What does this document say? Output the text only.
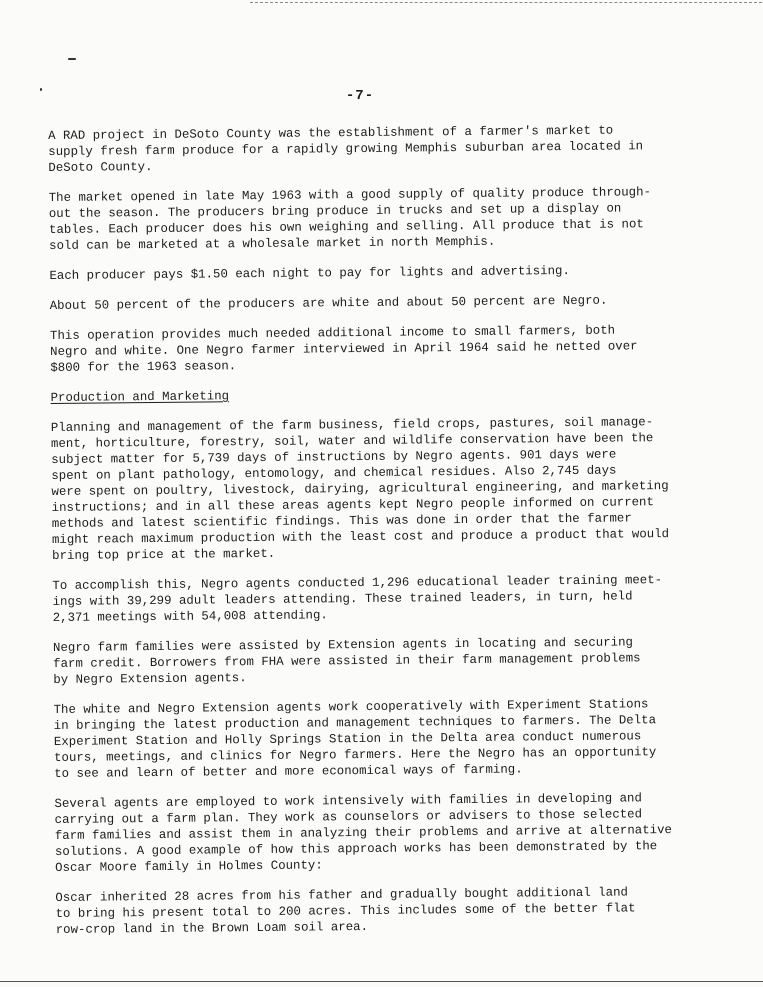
-7-

A RAD project in DeSoto County was the establishment of a farmer's market to
supply fresh farm produce for a rapidly growing Memphis suburban area located in
DeSoto County.

The market opened in late May 1963 with a good supply of quality produce through-
out the season. The producers bring produce in trucks and set up a display on
tables. Each producer does his own weighing and selling. All produce that is not
sold can be marketed at a wholesale market in north Memphis.

Each producer pays $1.50 each night to pay for lights and advertising.

About 50 percent of the producers are white and about 50 percent are Negro.

This operation provides much needed additional income to small farmers, both
Negro and white. One Negro farmer interviewed in April 1964 said he netted over
$800 for the 1963 season.

Production and Marketing

Planning and management of the farm business, field crops, pastures, soil manage-
ment, horticulture, forestry, soil, water and wildlife conservation have been the
subject matter for 5,739 days of instructions by Negro agents. 901 days were
spent on plant pathology, entomology, and chemical residues. Also 2,745 days
were spent on poultry, livestock, dairying, agricultural engineering, and marketing
instructions; and in all these areas agents kept Negro people informed on current
methods and latest scientific findings. This was done in order that the farmer
might reach maximum production with the least cost and produce a product that would
bring top price at the market.

To accomplish this, Negro agents conducted 1,296 educational leader training meet-
ings with 39,299 adult leaders attending. These trained leaders, in turn, held
2,371 meetings with 54,008 attending.

Negro farm families were assisted by Extension agents in locating and securing
farm credit. Borrowers from FHA were assisted in their farm management problems
by Negro Extension agents.

The white and Negro Extension agents work cooperatively with Experiment Stations
in bringing the latest production and management techniques to farmers. The Delta
Experiment Station and Holly Springs Station in the Delta area conduct numerous
tours, meetings, and clinics for Negro farmers. Here the Negro has an opportunity
to see and learn of better and more economical ways of farming.

Several agents are employed to work intensively with families in developing and
carrying out a farm plan. They work as counselors or advisers to those selected
farm families and assist them in analyzing their problems and arrive at alternative
solutions. A good example of how this approach works has been demonstrated by the
Oscar Moore family in Holmes County:

Oscar inherited 28 acres from his father and gradually bought additional land
to bring his present total to 200 acres. This includes some of the better flat
row-crop land in the Brown Loam soil area.
